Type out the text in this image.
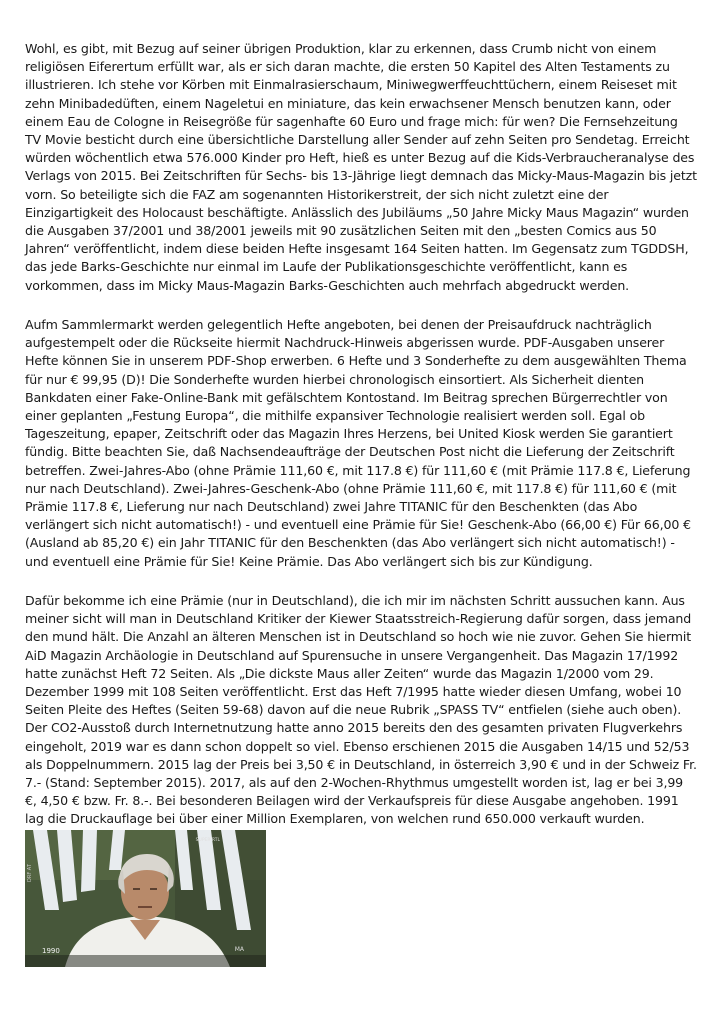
Wohl, es gibt, mit Bezug auf seiner übrigen Produktion, klar zu erkennen, dass Crumb nicht von einem religiösen Eiferertum erfüllt war, als er sich daran machte, die ersten 50 Kapitel des Alten Testaments zu illustrieren. Ich stehe vor Körben mit Einmalrasierschaum, Miniwegwerffeuchttüchern, einem Reiseset mit zehn Minibadedüften, einem Nageletui en miniature, das kein erwachsener Mensch benutzen kann, oder einem Eau de Cologne in Reisegröße für sagenhafte 60 Euro und frage mich: für wen? Die Fernsehzeitung TV Movie besticht durch eine übersichtliche Darstellung aller Sender auf zehn Seiten pro Sendetag. Erreicht würden wöchentlich etwa 576.000 Kinder pro Heft, hieß es unter Bezug auf die Kids-Verbraucheranalyse des Verlags von 2015. Bei Zeitschriften für Sechs- bis 13-Jährige liegt demnach das Micky-Maus-Magazin bis jetzt vorn. So beteiligte sich die FAZ am sogenannten Historikerstreit, der sich nicht zuletzt eine der Einzigartigkeit des Holocaust beschäftigte. Anlässlich des Jubiläums „50 Jahre Micky Maus Magazin“ wurden die Ausgaben 37/2001 und 38/2001 jeweils mit 90 zusätzlichen Seiten mit den „besten Comics aus 50 Jahren“ veröffentlicht, indem diese beiden Hefte insgesamt 164 Seiten hatten. Im Gegensatz zum TGDDSH, das jede Barks-Geschichte nur einmal im Laufe der Publikationsgeschichte veröffentlicht, kann es vorkommen, dass im Micky Maus-Magazin Barks-Geschichten auch mehrfach abgedruckt werden.

Aufm Sammlermarkt werden gelegentlich Hefte angeboten, bei denen der Preisaufdruck nachträglich aufgestempelt oder die Rückseite hiermit Nachdruck-Hinweis abgerissen wurde. PDF-Ausgaben unserer Hefte können Sie in unserem PDF-Shop erwerben. 6 Hefte und 3 Sonderhefte zu dem ausgewählten Thema für nur € 99,95 (D)! Die Sonderhefte wurden hierbei chronologisch einsortiert. Als Sicherheit dienten Bankdaten einer Fake-Online-Bank mit gefälschtem Kontostand. Im Beitrag sprechen Bürgerrechtler von einer geplanten „Festung Europa“, die mithilfe expansiver Technologie realisiert werden soll. Egal ob Tageszeitung, epaper, Zeitschrift oder das Magazin Ihres Herzens, bei United Kiosk werden Sie garantiert fündig. Bitte beachten Sie, daß Nachsendeaufträge der Deutschen Post nicht die Lieferung der Zeitschrift betreffen. Zwei-Jahres-Abo (ohne Prämie 111,60 €, mit 117.8 €) für 111,60 € (mit Prämie 117.8 €, Lieferung nur nach Deutschland). Zwei-Jahres-Geschenk-Abo (ohne Prämie 111,60 €, mit 117.8 €) für 111,60 € (mit Prämie 117.8 €, Lieferung nur nach Deutschland) zwei Jahre TITANIC für den Beschenkten (das Abo verlängert sich nicht automatisch!) - und eventuell eine Prämie für Sie! Geschenk-Abo (66,00 €) Für 66,00 € (Ausland ab 85,20 €) ein Jahr TITANIC für den Beschenkten (das Abo verlängert sich nicht automatisch!) - und eventuell eine Prämie für Sie! Keine Prämie. Das Abo verlängert sich bis zur Kündigung.

Dafür bekomme ich eine Prämie (nur in Deutschland), die ich mir im nächsten Schritt aussuchen kann. Aus meiner sicht will man in Deutschland Kritiker der Kiewer Staatsstreich-Regierung dafür sorgen, dass jemand den mund hält. Die Anzahl an älteren Menschen ist in Deutschland so hoch wie nie zuvor. Gehen Sie hiermit AiD Magazin Archäologie in Deutschland auf Spurensuche in unsere Vergangenheit. Das Magazin 17/1992 hatte zunächst Heft 72 Seiten. Als „Die dickste Maus aller Zeiten“ wurde das Magazin 1/2000 vom 29. Dezember 1999 mit 108 Seiten veröffentlicht. Erst das Heft 7/1995 hatte wieder diesen Umfang, wobei 10 Seiten Pleite des Heftes (Seiten 59-68) davon auf die neue Rubrik „SPASS TV“ entfielen (siehe auch oben). Der CO2-Ausstoß durch Internetnutzung hatte anno 2015 bereits den des gesamten privaten Flugverkehrs eingeholt, 2019 war es dann schon doppelt so viel. Ebenso erschienen 2015 die Ausgaben 14/15 und 52/53 als Doppelnummern. 2015 lag der Preis bei 3,50 € in Deutschland, in österreich 3,90 € und in der Schweiz Fr. 7.- (Stand: September 2015). 2017, als auf den 2-Wochen-Rhythmus umgestellt worden ist, lag er bei 3,99 €, 4,50 € bzw. Fr. 8.-. Bei besonderen Beilagen wird der Verkaufspreis für diese Ausgabe angehoben. 1991 lag die Druckauflage bei über einer Million Exemplaren, von welchen rund 650.000 verkauft wurden.

SUPER RTL
DRF AT
1990	MA
